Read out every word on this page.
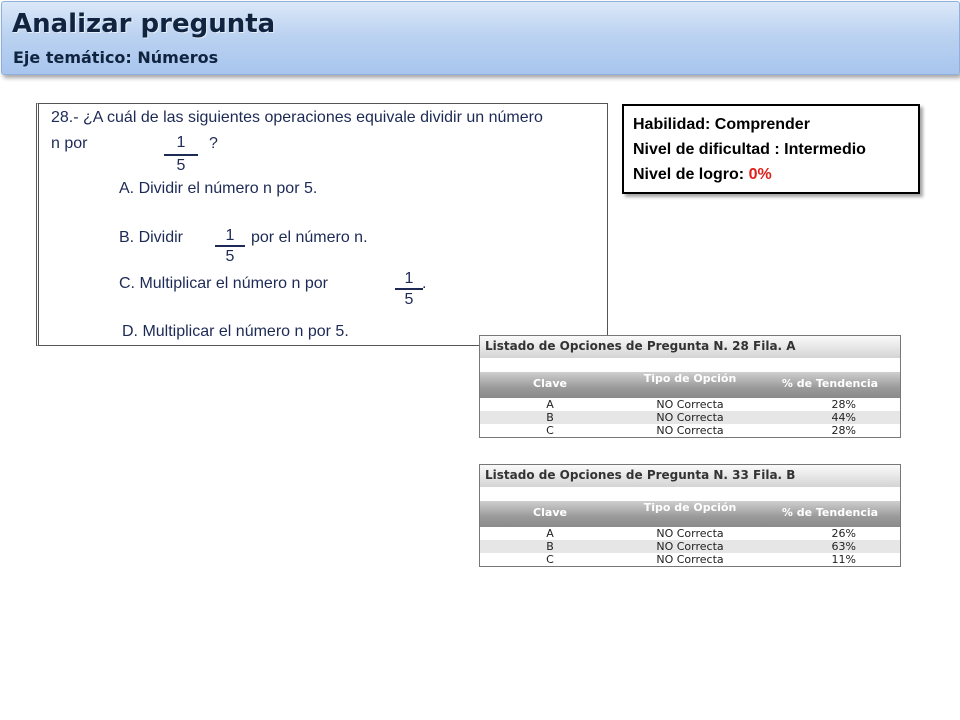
Analizar pregunta
Eje temático: Números
28.- ¿A cuál de las siguientes operaciones equivale dividir un número
n por	1
5
?
A. Dividir el número n por 5.
B. Dividir $\frac{1}{5}$ por el número n.
C. Multiplicar el número n por	$\frac{1}{5}$ .
D. Multiplicar el número n por 5.
Habilidad: Comprender
Nivel de dificultad : Intermedio
Nivel de logro: 0%
Listado de Opciones de Pregunta N. 28 Fila. A
Clave	Tipo de Opción	% de Tendencia
A	NO Correcta	28%
B	NO Correcta	44%
C	NO Correcta	28%
Listado de Opciones de Pregunta N. 33 Fila. B
Clave	Tipo de Opción	% de Tendencia
A	NO Correcta	26%
B	NO Correcta	63%
C	NO Correcta	11%
